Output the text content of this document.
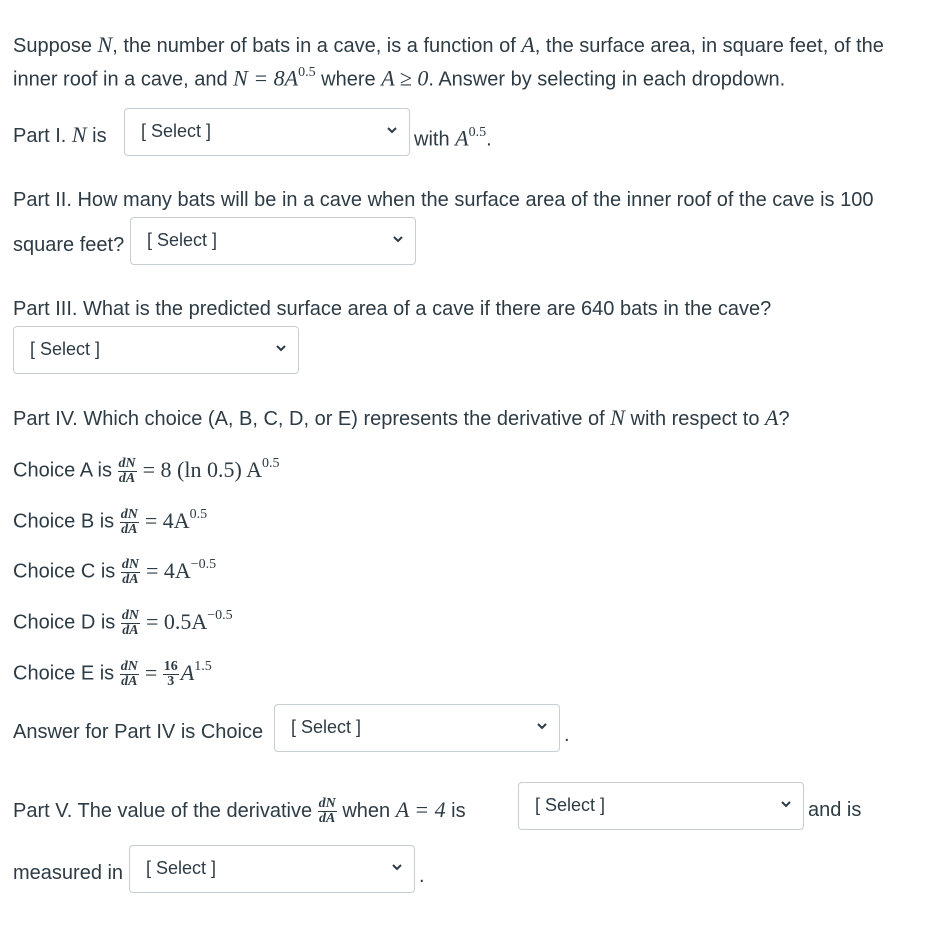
Suppose N, the number of bats in a cave, is a function of A, the surface area, in square feet, of the
inner roof in a cave, and $N = 8A^{0.5}$ where A ≥ 0. Answer by selecting in each dropdown.
Part I. N is [ Select ]	with $A^{0.5}$.
Part II. How many bats will be in a cave when the surface area of the inner roof of the cave is 100
square feet? [ Select ]
Part III. What is the predicted surface area of a cave if there are 640 bats in the cave?
[ Select ]
Part IV. Which choice (A, B, C, D, or E) represents the derivative of N with respect to A?
Choice A is $\frac{dN}{dA} = 8$ (ln 0.5) $A^{0.5}$
Choice B is $\frac{dN}{dA} = 4A^{0.5}$
Choice C is $\frac{dN}{dA} = 4A^{-0.5}$
Choice D is $\frac{dN}{dA} = 0.5A^{-0.5}$
Choice E is $\frac{dN}{dA} = \frac{16}{3} A^{1.5}$
Answer for Part IV is Choice [ Select ]	.
Part V. The value of the derivative $\frac{dN}{dA}$ when A = 4 is	[ Select ]	and is
measured in [ Select ]	.
